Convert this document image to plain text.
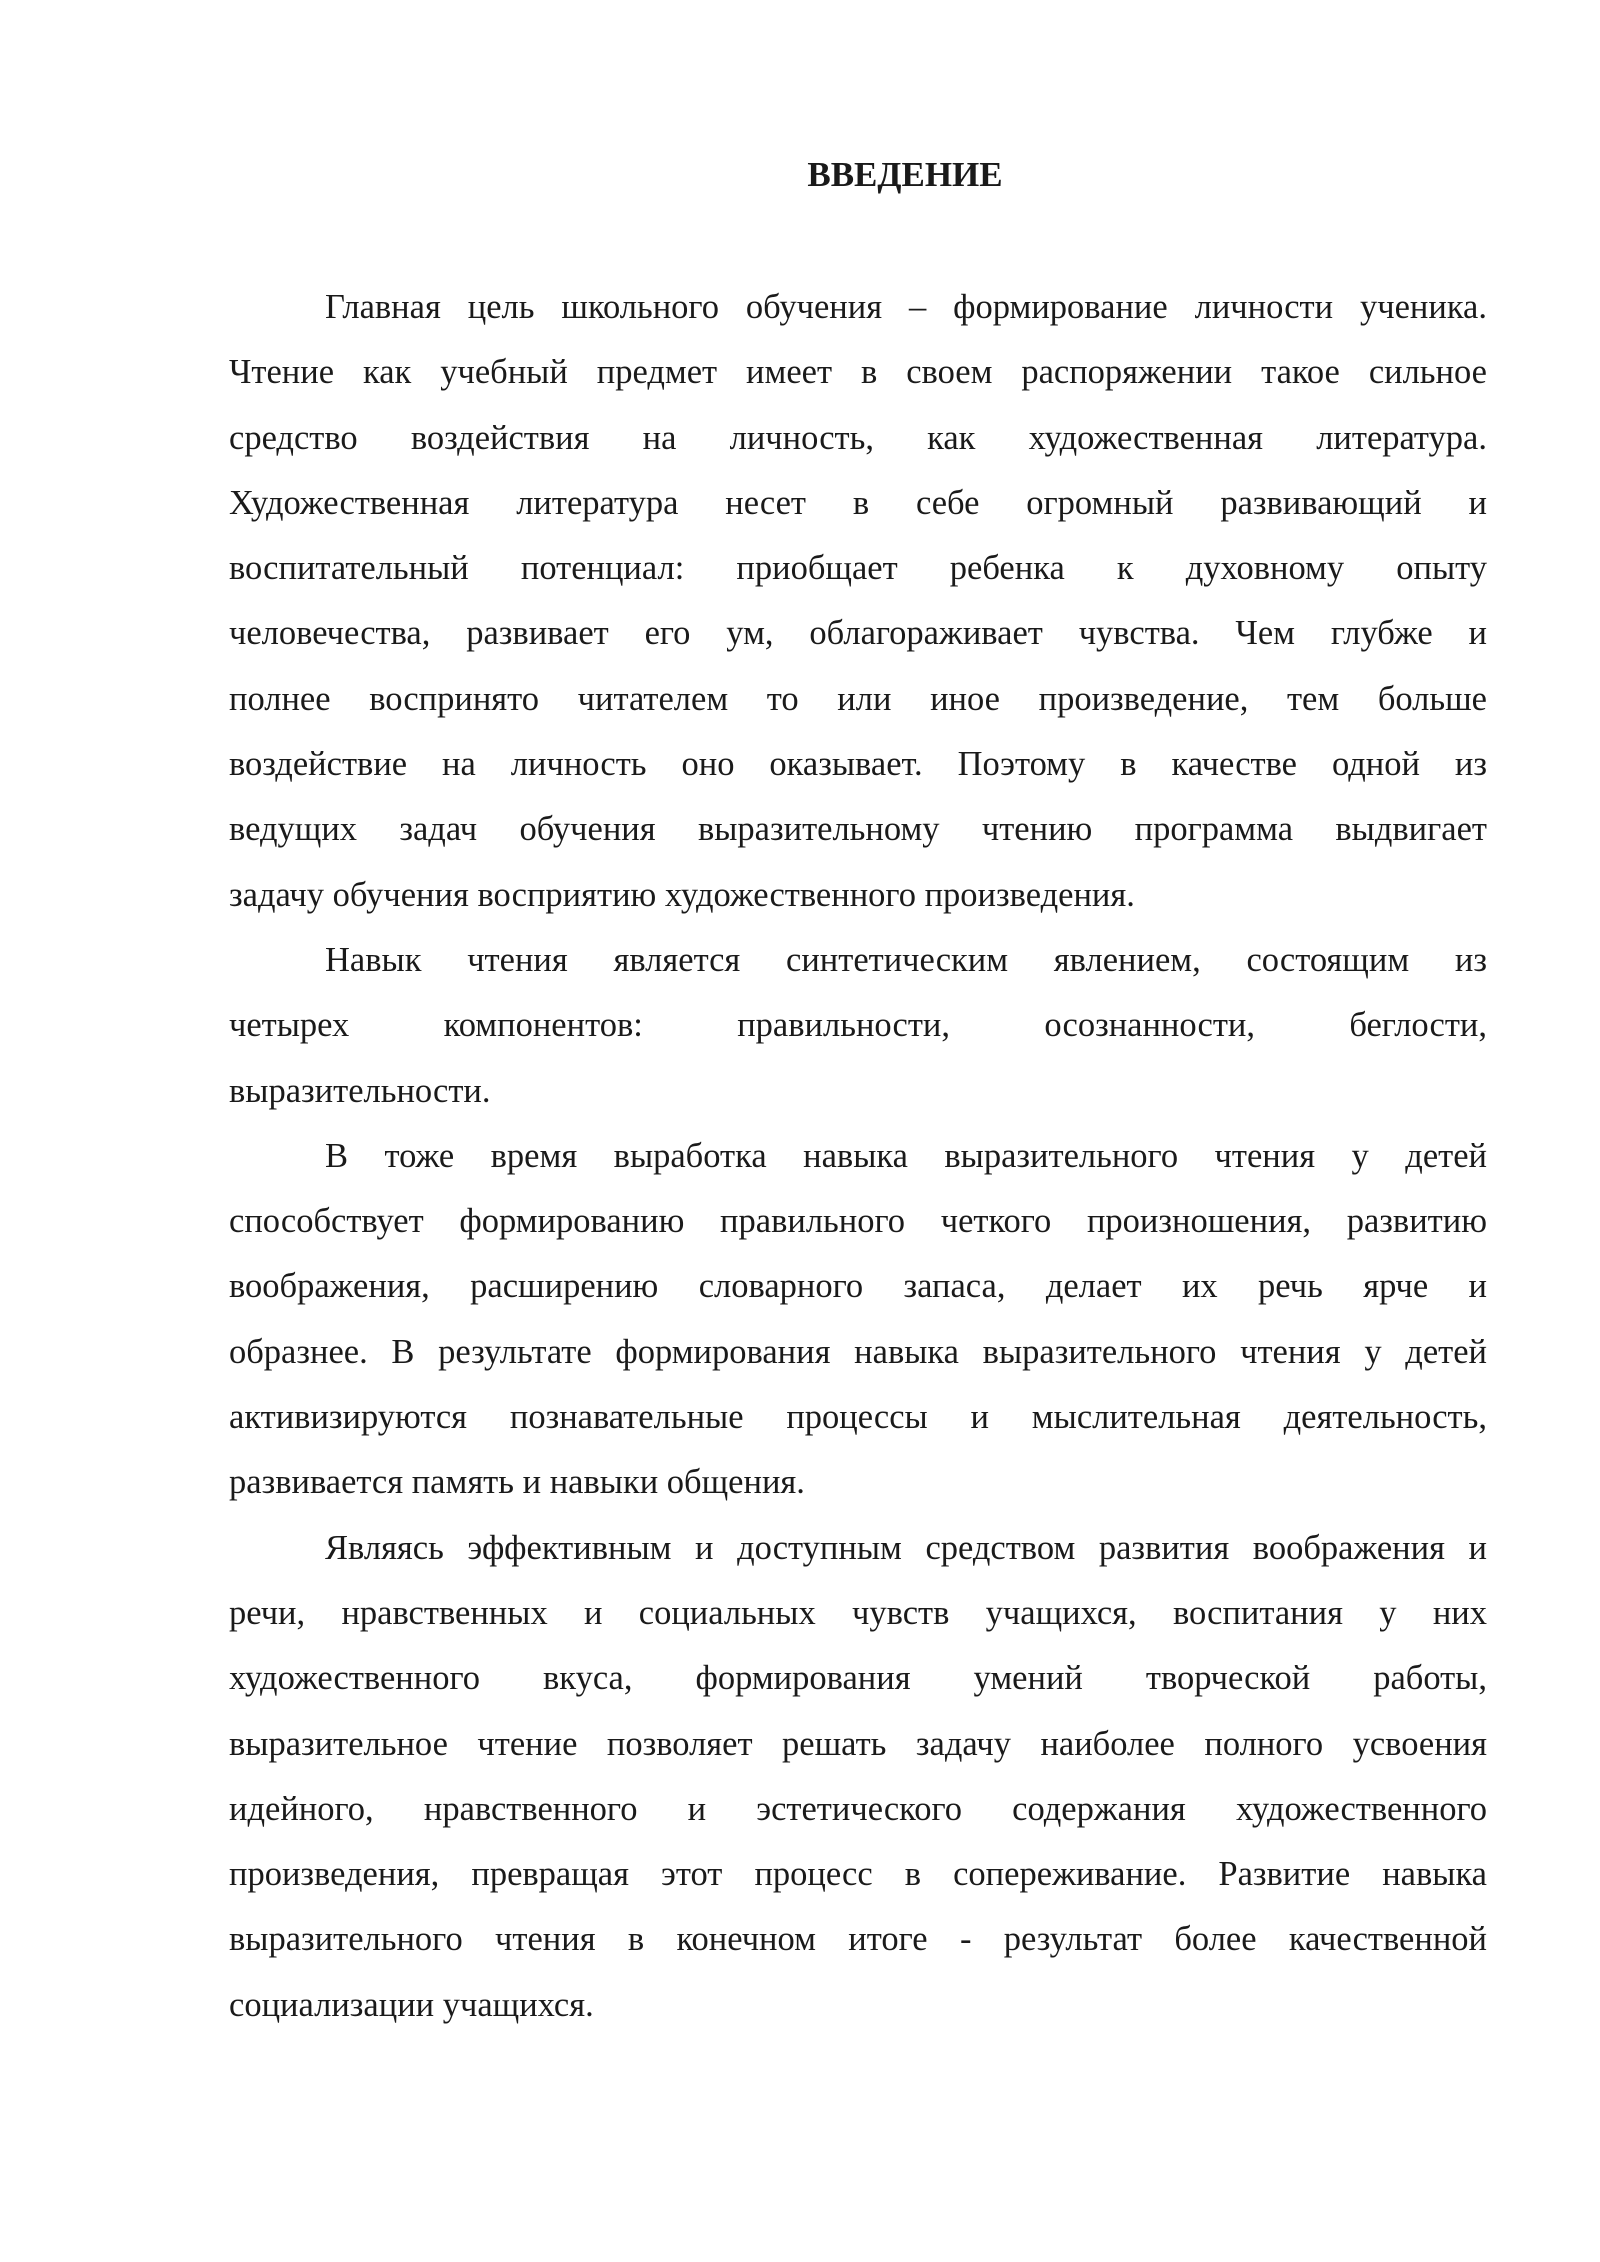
ВВЕДЕНИЕ
Главная цель школьного обучения – формирование личности ученика.
Чтение как учебный предмет имеет в своем распоряжении такое сильное
средство воздействия на личность, как художественная литература.
Художественная литература несет в себе огромный развивающий и
воспитательный потенциал: приобщает ребенка к духовному опыту
человечества, развивает его ум, облагораживает чувства. Чем глубже и
полнее воспринято читателем то или иное произведение, тем больше
воздействие на личность оно оказывает. Поэтому в качестве одной из
ведущих задач обучения выразительному чтению программа выдвигает
задачу обучения восприятию художественного произведения.
Навык чтения является синтетическим явлением, состоящим из
четырех компонентов: правильности, осознанности, беглости,
выразительности.
В тоже время выработка навыка выразительного чтения у детей
способствует формированию правильного четкого произношения, развитию
воображения, расширению словарного запаса, делает их речь ярче и
образнее. В результате формирования навыка выразительного чтения у детей
активизируются познавательные процессы и мыслительная деятельность,
развивается память и навыки общения.
Являясь эффективным и доступным средством развития воображения и
речи, нравственных и социальных чувств учащихся, воспитания у них
художественного вкуса, формирования умений творческой работы,
выразительное чтение позволяет решать задачу наиболее полного усвоения
идейного, нравственного и эстетического содержания художественного
произведения, превращая этот процесс в сопереживание. Развитие навыка
выразительного чтения в конечном итоге - результат более качественной
социализации учащихся.
